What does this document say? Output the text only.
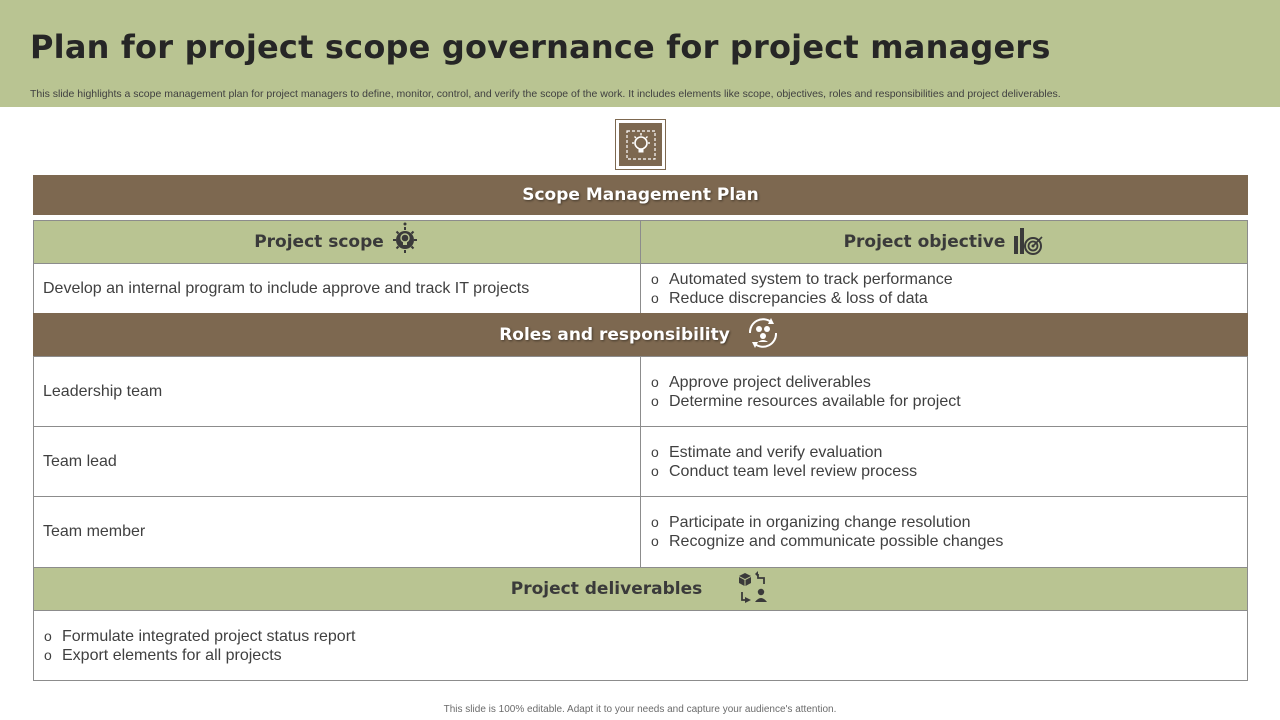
Plan for project scope governance for project managers
This slide highlights a scope management plan for project managers to define, monitor, control, and verify the scope of the work. It includes elements like scope, objectives, roles and responsibilities and project deliverables.
Scope Management Plan
Project scope	Project objective
Develop an internal program to include approve and track IT projects
o Automated system to track performance
o Reduce discrepancies & loss of data
Roles and responsibility
Leadership team
o Approve project deliverables
o Determine resources available for project
Team lead
o Estimate and verify evaluation
o Conduct team level review process
Team member
o Participate in organizing change resolution
o Recognize and communicate possible changes
Project deliverables
o Formulate integrated project status report
o Export elements for all projects
This slide is 100% editable. Adapt it to your needs and capture your audience's attention.
